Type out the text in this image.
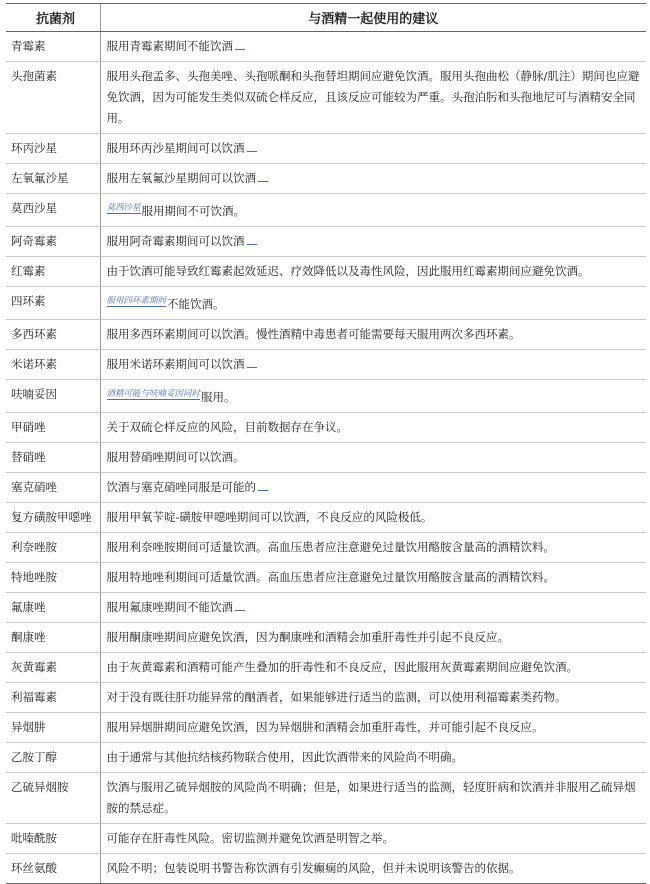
抗菌剂	与酒精一起使用的建议
青霉素	服用青霉素期间不能饮酒
头孢菌素	服用头孢孟多、头孢美唑、头孢哌酮和头孢替坦期间应避免饮酒。服用头孢曲松（静脉/肌注）期间也应避免饮酒，因为可能发生类似双硫仑样反应，且该反应可能较为严重。头孢泊肟和头孢地尼可与酒精安全同用。
环丙沙星	服用环丙沙星期间可以饮酒
左氧氟沙星	服用左氧氟沙星期间可以饮酒
莫西沙星	$^{莫西沙星}$服用期间不可饮酒。
阿奇霉素	服用阿奇霉素期间可以饮酒
红霉素	由于饮酒可能导致红霉素起效延迟、疗效降低以及毒性风险，因此服用红霉素期间应避免饮酒。
四环素	$^{服用四环素期间}$不能饮酒。
多西环素	服用多西环素期间可以饮酒。慢性酒精中毒患者可能需要每天服用两次多西环素。
米诺环素	服用米诺环素期间可以饮酒
呋喃妥因	$^{酒精可能与呋喃妥因同时}$服用。
甲硝唑	关于双硫仑样反应的风险，目前数据存在争议。
替硝唑	服用替硝唑期间可以饮酒。
塞克硝唑	饮酒与塞克硝唑同服是可能的
复方磺胺甲噁唑	服用甲氧苄啶-磺胺甲噁唑期间可以饮酒，不良反应的风险极低。
利奈唑胺	服用利奈唑胺期间可适量饮酒。高血压患者应注意避免过量饮用酪胺含量高的酒精饮料。
特地唑胺	服用特地唑利期间可适量饮酒。高血压患者应注意避免过量饮用酪胺含量高的酒精饮料。
氟康唑	服用氟康唑期间不能饮酒
酮康唑	服用酮康唑期间应避免饮酒，因为酮康唑和酒精会加重肝毒性并引起不良反应。
灰黄霉素	由于灰黄霉素和酒精可能产生叠加的肝毒性和不良反应，因此服用灰黄霉素期间应避免饮酒。
利福霉素	对于没有既往肝功能异常的酗酒者，如果能够进行适当的监测，可以使用利福霉素类药物。
异烟肼	服用异烟肼期间应避免饮酒，因为异烟肼和酒精会加重肝毒性，并可能引起不良反应。
乙胺丁醇	由于通常与其他抗结核药物联合使用，因此饮酒带来的风险尚不明确。
乙硫异烟胺	饮酒与服用乙硫异烟胺的风险尚不明确；但是，如果进行适当的监测，轻度肝病和饮酒并非服用乙硫异烟胺的禁忌症。
吡嗪酰胺	可能存在肝毒性风险。密切监测并避免饮酒是明智之举。
环丝氨酸	风险不明；包装说明书警告称饮酒有引发癫痫的风险，但并未说明该警告的依据。
